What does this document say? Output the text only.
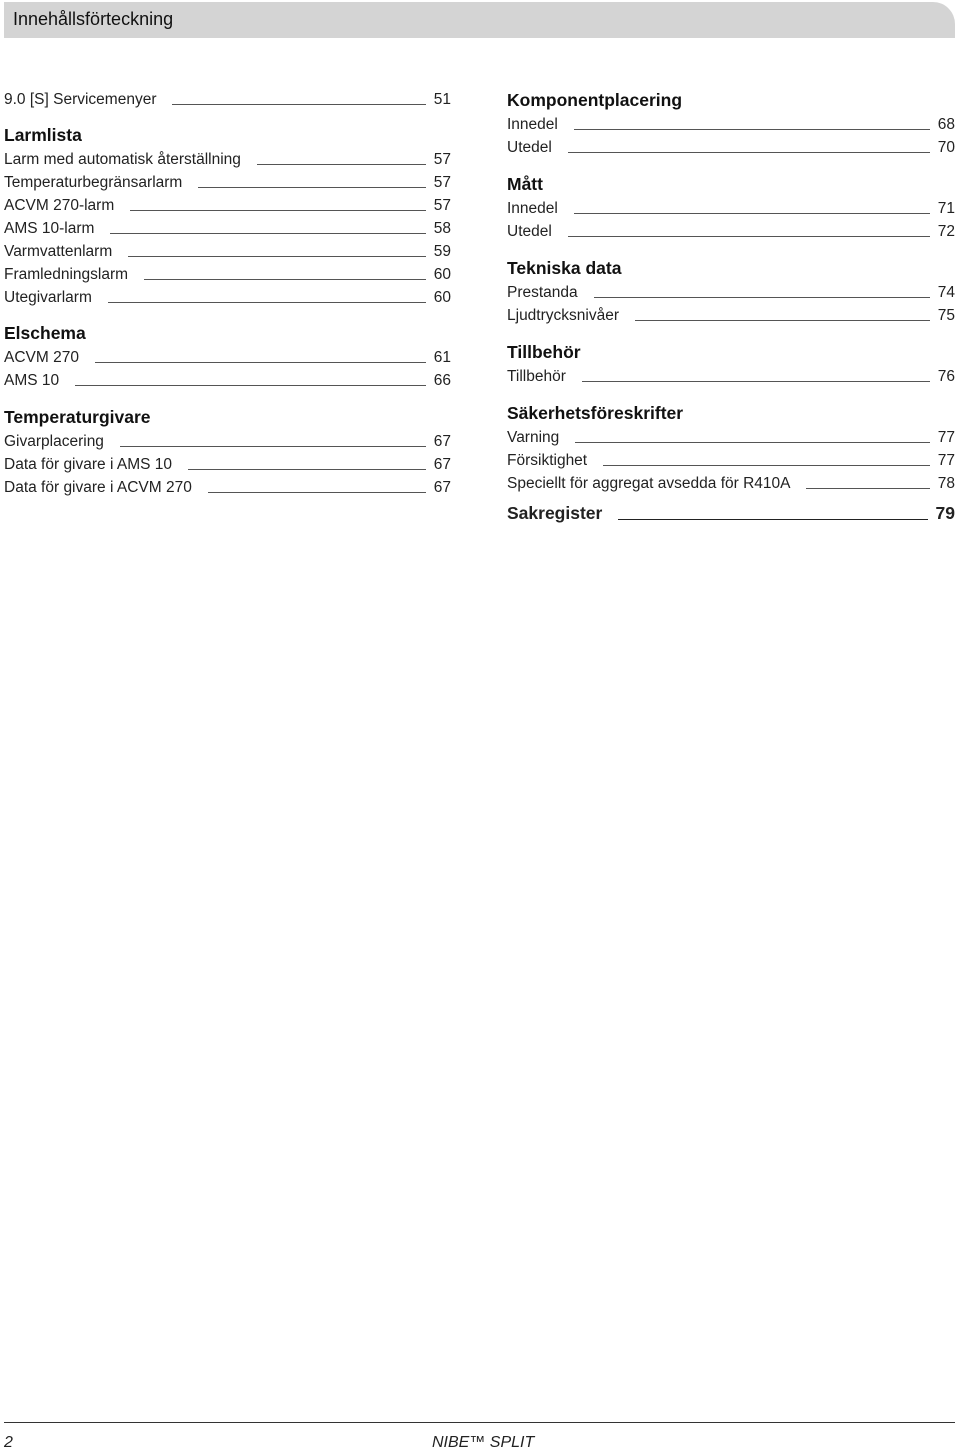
Innehållsförteckning
9.0 [S] Servicemenyer	51
Larmlista
Larm med automatisk återställning	57
Temperaturbegränsarlarm	57
ACVM 270-larm	57
AMS 10-larm	58
Varmvattenlarm	59
Framledningslarm	60
Utegivarlarm	60
Elschema
ACVM 270	61
AMS 10	66
Temperaturgivare
Givarplacering	67
Data för givare i AMS 10	67
Data för givare i ACVM 270	67
Komponentplacering
Innedel	68
Utedel	70
Mått
Innedel	71
Utedel	72
Tekniska data
Prestanda	74
Ljudtrycksnivåer	75
Tillbehör
Tillbehör	76
Säkerhetsföreskrifter
Varning	77
Försiktighet	77
Speciellt för aggregat avsedda för R410A	78
Sakregister	79
2	NIBE™ SPLIT
